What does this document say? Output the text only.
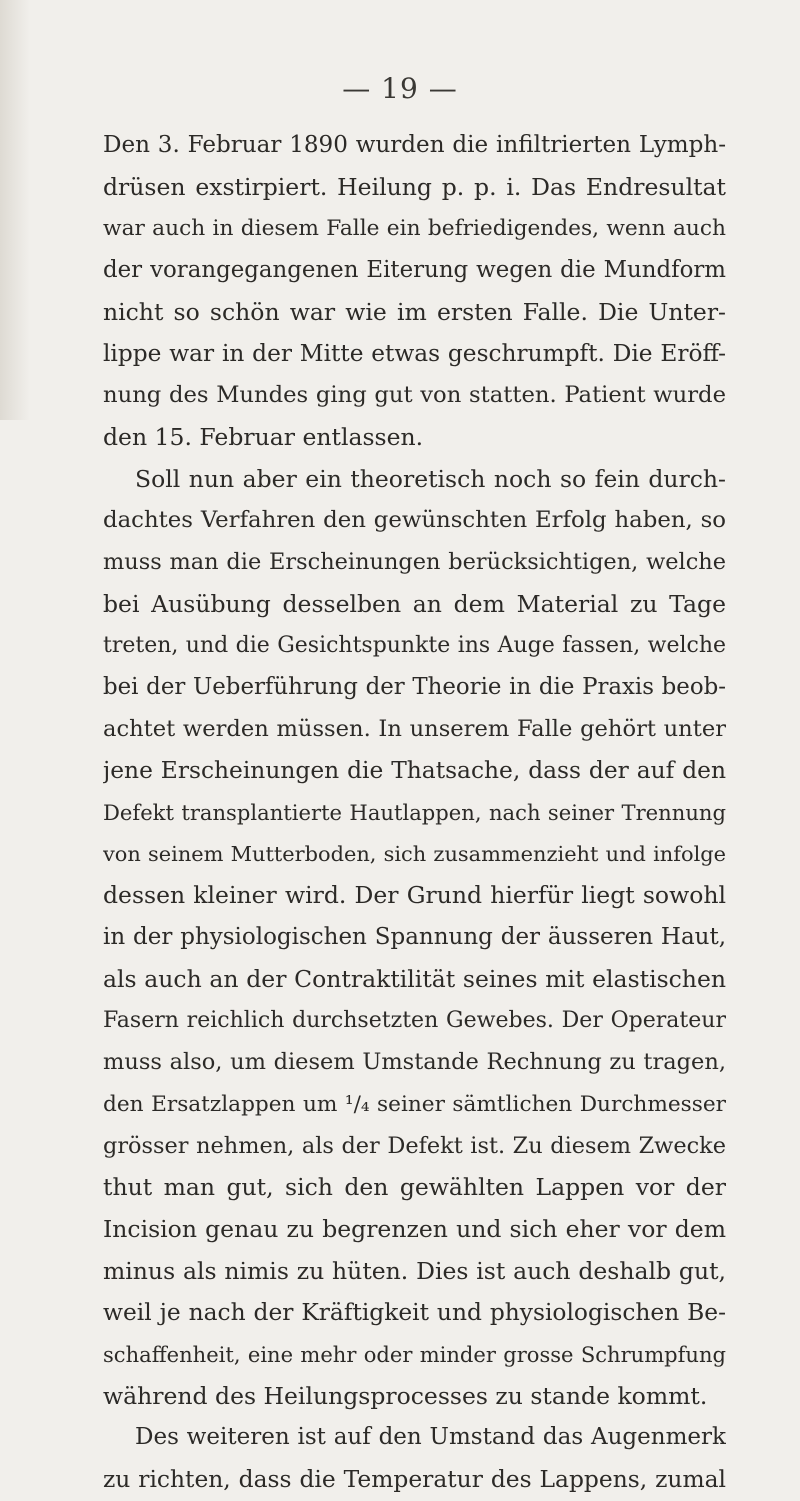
— 19 —
Den 3. Februar 1890 wurden die infiltrierten Lymph-
drüsen exstirpiert. Heilung p. p. i. Das Endresultat
war auch in diesem Falle ein befriedigendes, wenn auch
der vorangegangenen Eiterung wegen die Mundform
nicht so schön war wie im ersten Falle. Die Unter-
lippe war in der Mitte etwas geschrumpft. Die Eröff-
nung des Mundes ging gut von statten. Patient wurde
den 15. Februar entlassen.
Soll nun aber ein theoretisch noch so fein durch-
dachtes Verfahren den gewünschten Erfolg haben, so
muss man die Erscheinungen berücksichtigen, welche
bei Ausübung desselben an dem Material zu Tage
treten, und die Gesichtspunkte ins Auge fassen, welche
bei der Ueberführung der Theorie in die Praxis beob-
achtet werden müssen. In unserem Falle gehört unter
jene Erscheinungen die Thatsache, dass der auf den
Defekt transplantierte Hautlappen, nach seiner Trennung
von seinem Mutterboden, sich zusammenzieht und infolge
dessen kleiner wird. Der Grund hierfür liegt sowohl
in der physiologischen Spannung der äusseren Haut,
als auch an der Contraktilität seines mit elastischen
Fasern reichlich durchsetzten Gewebes. Der Operateur
muss also, um diesem Umstande Rechnung zu tragen,
den Ersatzlappen um ¹/₄ seiner sämtlichen Durchmesser
grösser nehmen, als der Defekt ist. Zu diesem Zwecke
thut man gut, sich den gewählten Lappen vor der
Incision genau zu begrenzen und sich eher vor dem
minus als nimis zu hüten. Dies ist auch deshalb gut,
weil je nach der Kräftigkeit und physiologischen Be-
schaffenheit, eine mehr oder minder grosse Schrumpfung
während des Heilungsprocesses zu stande kommt.
Des weiteren ist auf den Umstand das Augenmerk
zu richten, dass die Temperatur des Lappens, zumal
